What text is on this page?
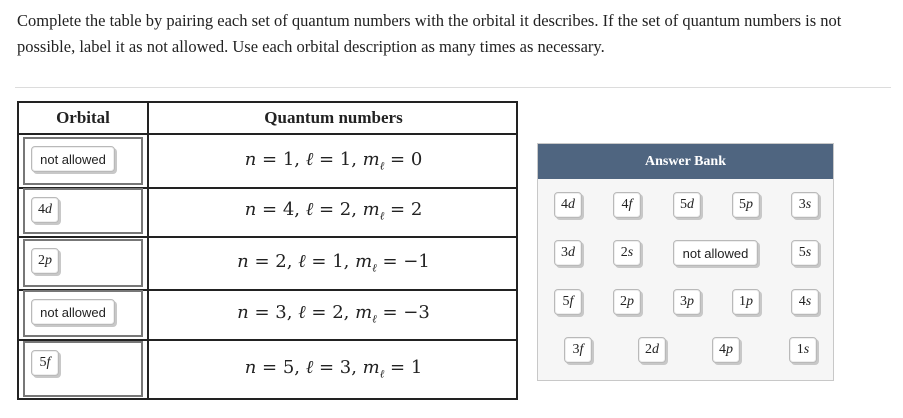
Complete the table by pairing each set of quantum numbers with the orbital it describes. If the set of quantum numbers is not possible, label it as not allowed. Use each orbital description as many times as necessary.
Orbital	Quantum numbers
not allowed	n = 1, ℓ = 1, $m_\ell = 0$
4 d	n = 4, ℓ = 2, $m_\ell = 2$
2 p	n = 2, ℓ = 1, $m_\ell = -1$
not allowed	n = 3, ℓ = 2, $m_\ell = -3$
5 f	n = 5, ℓ = 3, $m_\ell = 1$
Answer Bank
4 d	4 f	5 d	5 p	3 s
3 d	2 s	not allowed	5 s
5 f	2 p	3 p	1 p	4 s
3 f	2 d	4 p	1 s
